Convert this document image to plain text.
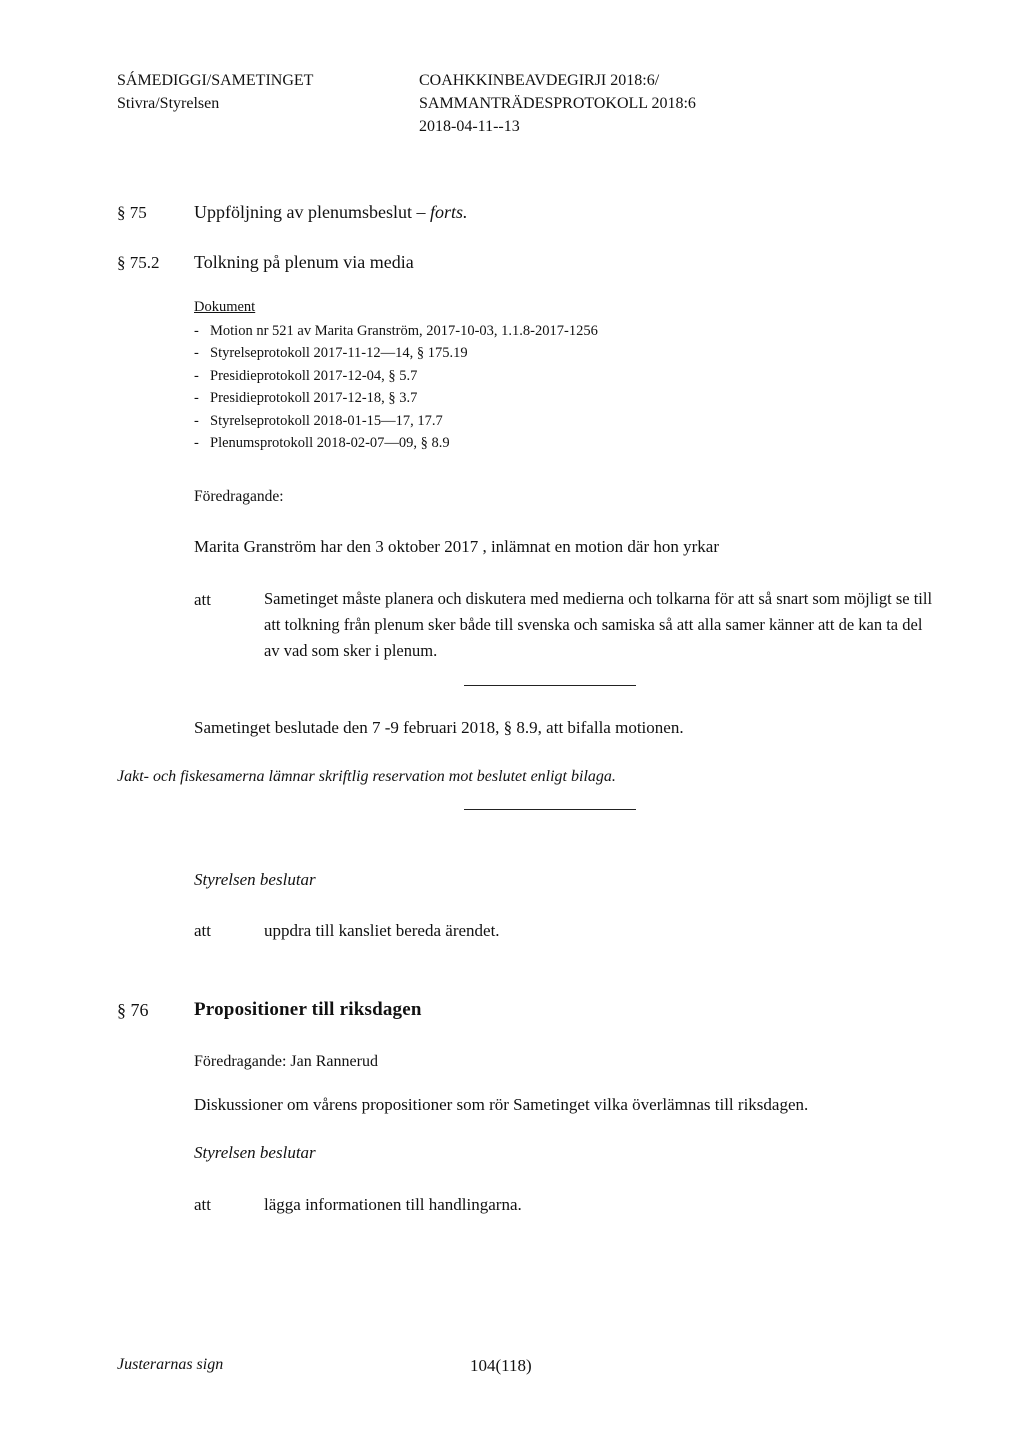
SÁMEDIGGI/SAMETINGET
Stivra/Styrelsen
COAHKKINBEAVDEGIRJI 2018:6/
SAMMANTRÄDESPROTOKOLL 2018:6
2018-04-11--13
§ 75	Uppföljning av plenumsbeslut – forts.
§ 75.2 Tolkning på plenum via media
Dokument
- Motion nr 521 av Marita Granström, 2017-10-03, 1.1.8-2017-1256
- Styrelseprotokoll 2017-11-12—14, § 175.19
- Presidieprotokoll 2017-12-04, § 5.7
- Presidieprotokoll 2017-12-18, § 3.7
- Styrelseprotokoll 2018-01-15—17, 17.7
- Plenumsprotokoll 2018-02-07—09, § 8.9
Föredragande:
Marita Granström har den 3 oktober 2017 , inlämnat en motion där hon yrkar
att	Sametinget måste planera och diskutera med medierna och tolkarna för att så snart som möjligt se till att tolkning från plenum sker både till svenska och samiska så att alla samer känner att de kan ta del av vad som sker i plenum.
Sametinget beslutade den 7 -9 februari 2018, § 8.9, att bifalla motionen.
Jakt- och fiskesamerna lämnar skriftlig reservation mot beslutet enligt bilaga.
Styrelsen beslutar
att	uppdra till kansliet bereda ärendet.
§ 76 Propositioner till riksdagen
Föredragande: Jan Rannerud
Diskussioner om vårens propositioner som rör Sametinget vilka överlämnas till riksdagen.
Styrelsen beslutar
att	lägga informationen till handlingarna.
Justerarnas sign	104(118)
